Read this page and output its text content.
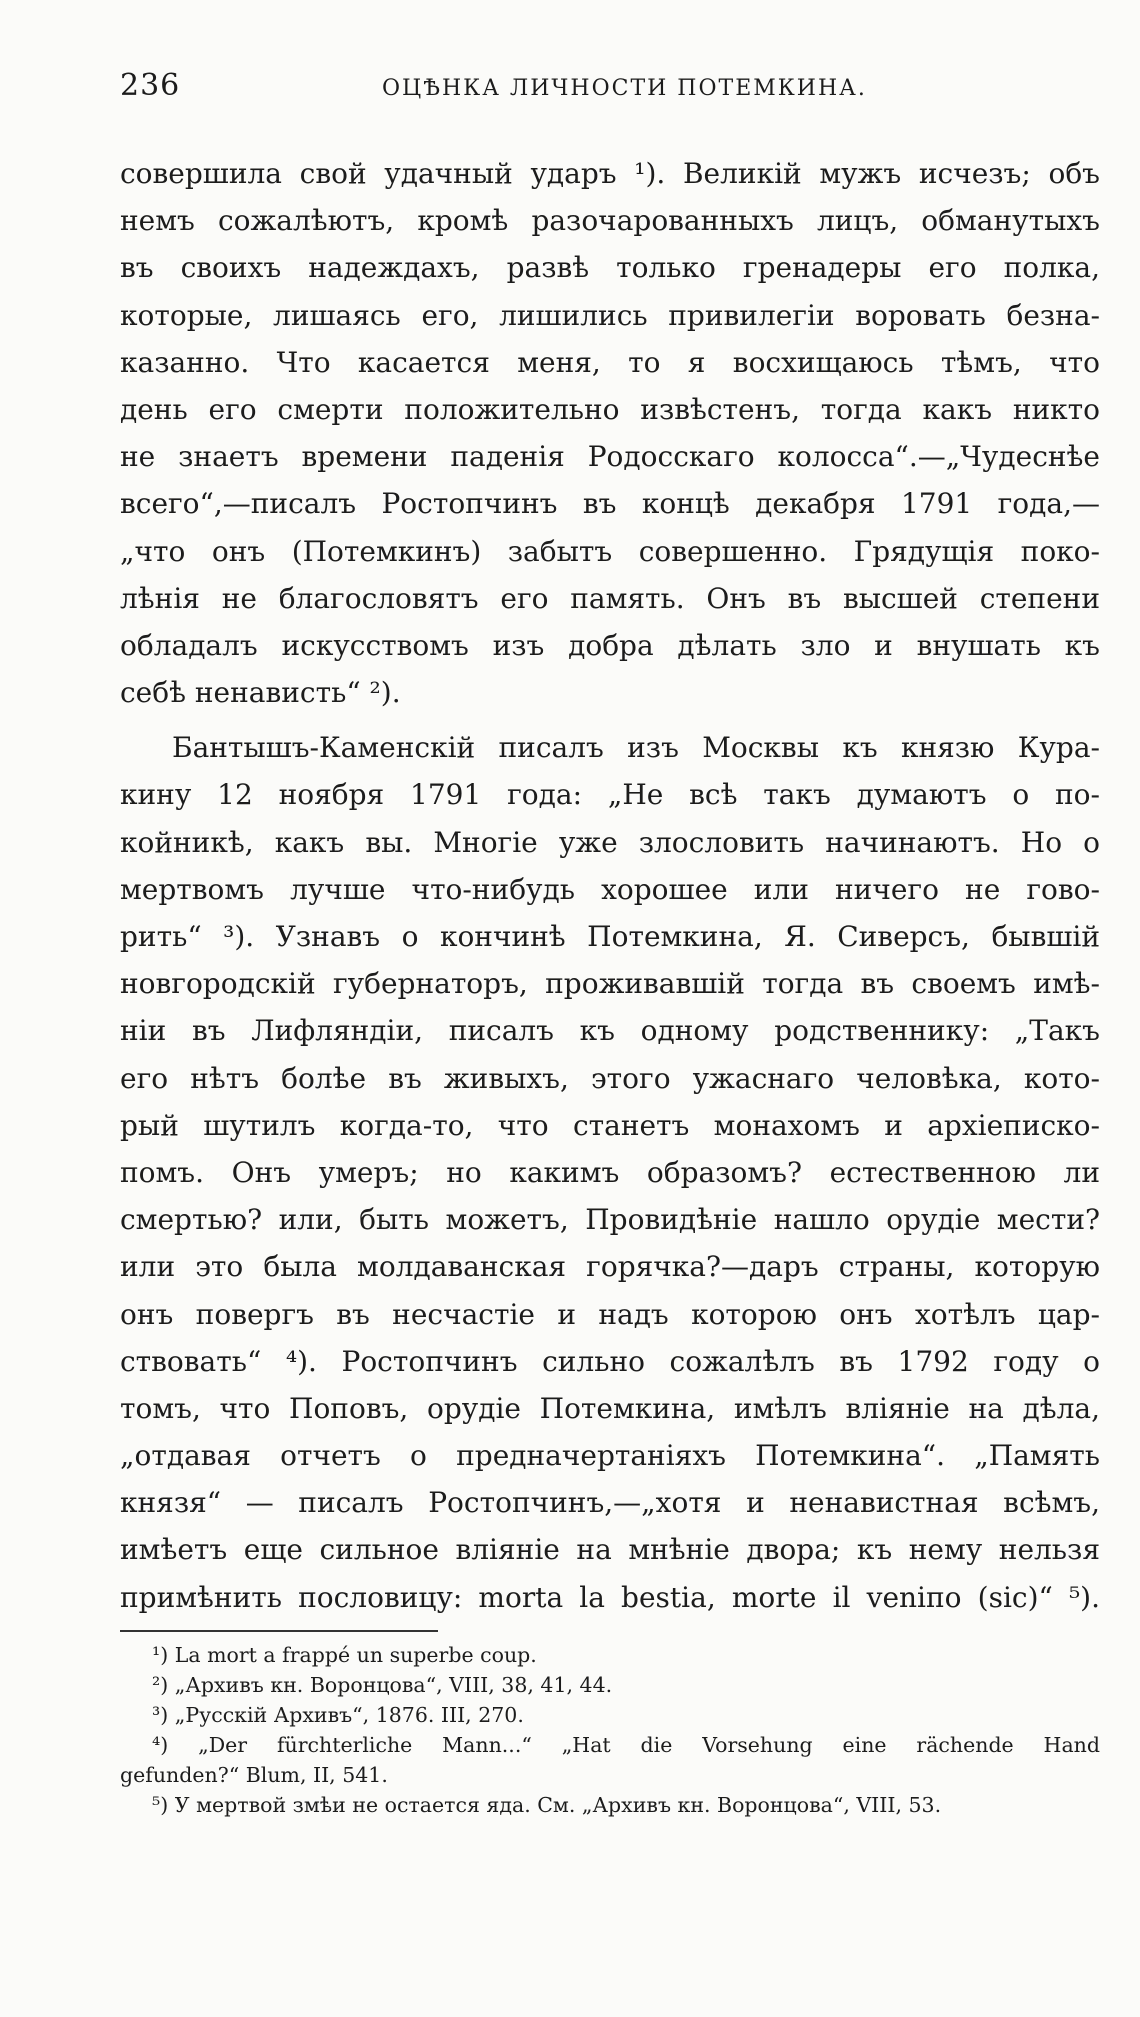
236	ОЦѢНКА ЛИЧНОСТИ ПОТЕМКИНА.
совершила свой удачный ударъ ¹). Великій мужъ исчезъ; объ
немъ сожалѣютъ, кромѣ разочарованныхъ лицъ, обманутыхъ
въ своихъ надеждахъ, развѣ только гренадеры его полка,
которые, лишаясь его, лишились привилегіи воровать безна-
казанно. Что касается меня, то я восхищаюсь тѣмъ, что
день его смерти положительно извѣстенъ, тогда какъ никто
не знаетъ времени паденія Родосскаго колосса“.—„Чудеснѣе
всего“,—писалъ Ростопчинъ въ концѣ декабря 1791 года,—
„что онъ (Потемкинъ) забытъ совершенно. Грядущія поко-
лѣнія не благословятъ его память. Онъ въ высшей степени
обладалъ искусствомъ изъ добра дѣлать зло и внушать къ
себѣ ненависть“ ²).
Бантышъ-Каменскій писалъ изъ Москвы къ князю Кура-
кину 12 ноября 1791 года: „Не всѣ такъ думаютъ о по-
койникѣ, какъ вы. Многіе уже злословить начинаютъ. Но о
мертвомъ лучше что-нибудь хорошее или ничего не гово-
рить“ ³). Узнавъ о кончинѣ Потемкина, Я. Сиверсъ, бывшій
новгородскій губернаторъ, проживавшій тогда въ своемъ имѣ-
ніи въ Лифляндіи, писалъ къ одному родственнику: „Такъ
его нѣтъ болѣе въ живыхъ, этого ужаснаго человѣка, кото-
рый шутилъ когда-то, что станетъ монахомъ и архіеписко-
помъ. Онъ умеръ; но какимъ образомъ? естественною ли
смертью? или, быть можетъ, Провидѣніе нашло орудіе мести?
или это была молдаванская горячка?—даръ страны, которую
онъ повергъ въ несчастіе и надъ которою онъ хотѣлъ цар-
ствовать“ ⁴). Ростопчинъ сильно сожалѣлъ въ 1792 году о
томъ, что Поповъ, орудіе Потемкина, имѣлъ вліяніе на дѣла,
„отдавая отчетъ о предначертаніяхъ Потемкина“. „Память
князя“ — писалъ Ростопчинъ,—„хотя и ненавистная всѣмъ,
имѣетъ еще сильное вліяніе на мнѣніе двора; къ нему нельзя
примѣнить пословицу: morta la bestia, morte il veniпо (sic)“ ⁵).
¹) La mort a frappé un superbe coup.
²) „Архивъ кн. Воронцова“, VIII, 38, 41, 44.
³) „Русскій Архивъ“, 1876. III, 270.
⁴) „Der fürchterliche Mann...“ „Hat die Vorsehung eine rächende Hand
gefunden?“ Blum, II, 541.
⁵) У мертвой змѣи не остается яда. См. „Архивъ кн. Воронцова“, VIII, 53.
